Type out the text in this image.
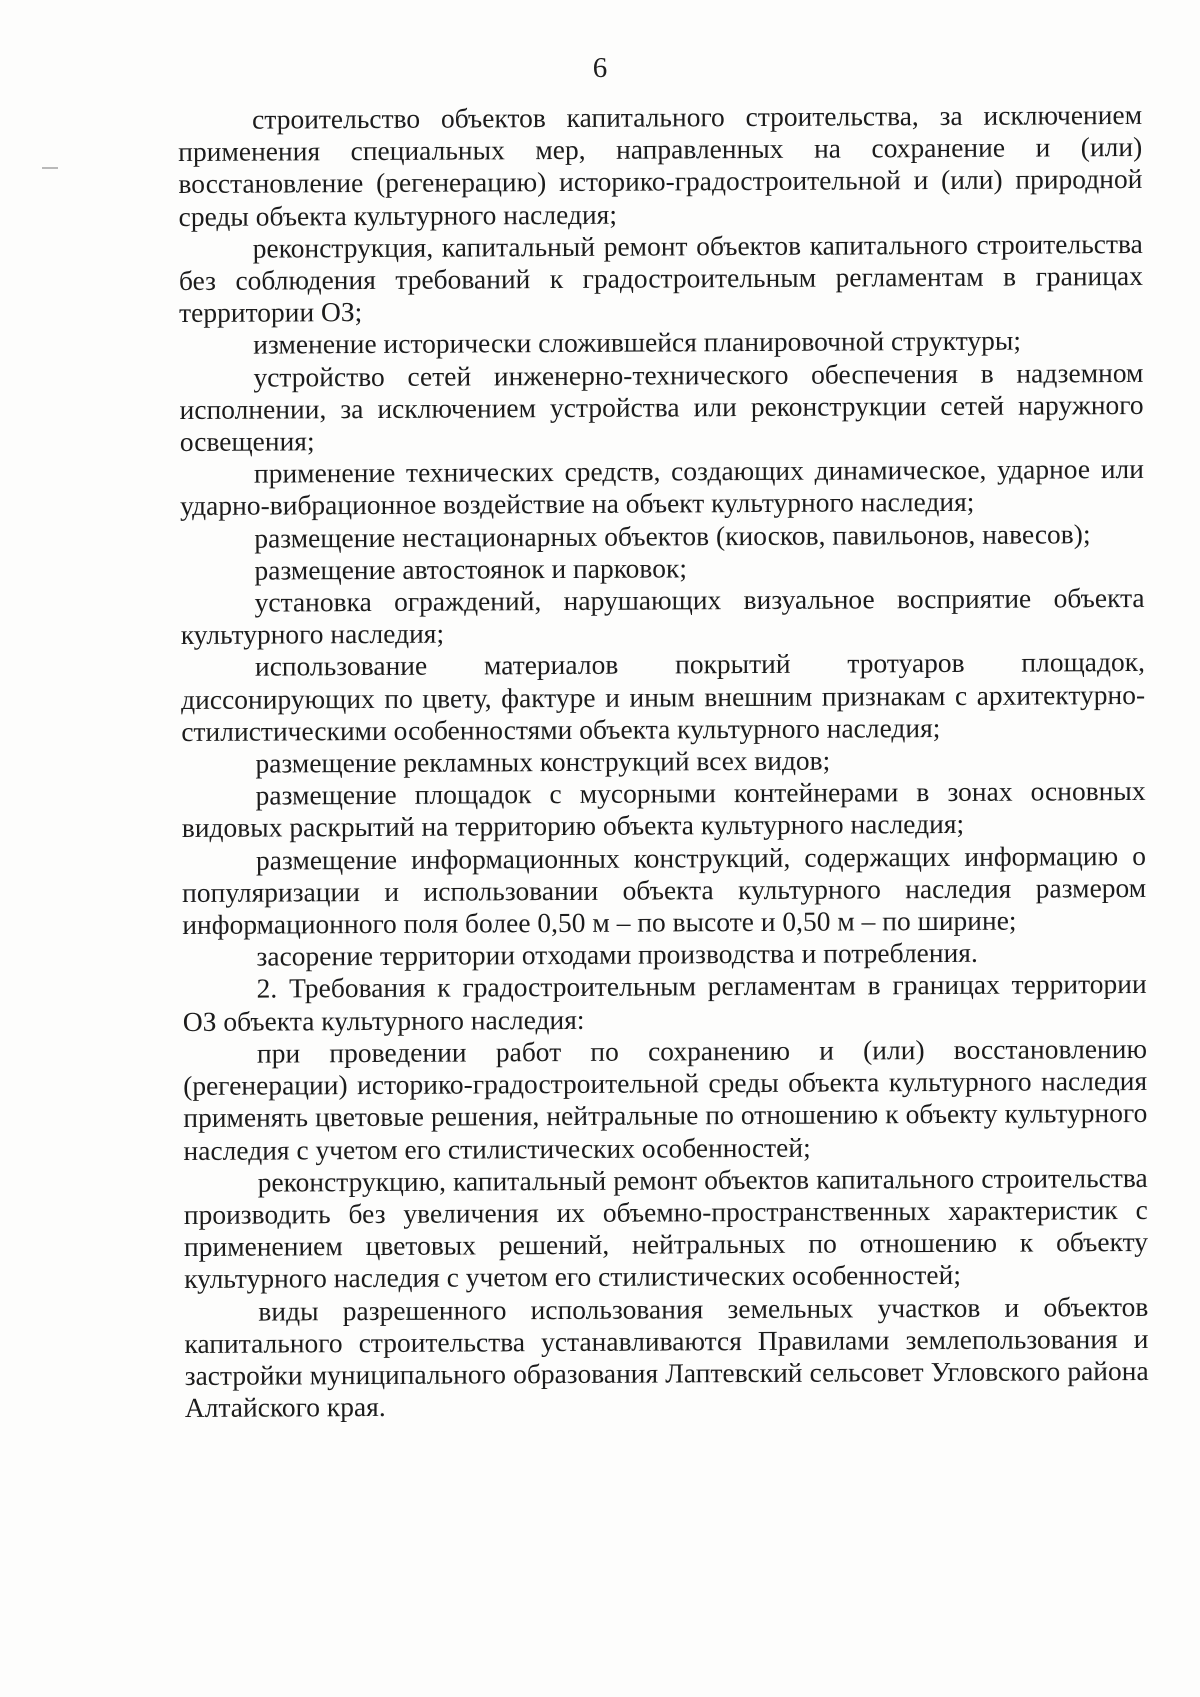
6

строительство объектов капитального строительства, за исключением применения специальных мер, направленных на сохранение и (или) восстановление (регенерацию) историко-градостроительной и (или) природной среды объекта культурного наследия;

реконструкция, капитальный ремонт объектов капитального строительства без соблюдения требований к градостроительным регламентам в границах территории ОЗ;

изменение исторически сложившейся планировочной структуры;

устройство сетей инженерно-технического обеспечения в надземном исполнении, за исключением устройства или реконструкции сетей наружного освещения;

применение технических средств, создающих динамическое, ударное или ударно-вибрационное воздействие на объект культурного наследия;

размещение нестационарных объектов (киосков, павильонов, навесов);

размещение автостоянок и парковок;

установка ограждений, нарушающих визуальное восприятие объекта культурного наследия;

использование материалов покрытий тротуаров площадок, диссонирующих по цвету, фактуре и иным внешним признакам с архитектурно-стилистическими особенностями объекта культурного наследия;

размещение рекламных конструкций всех видов;

размещение площадок с мусорными контейнерами в зонах основных видовых раскрытий на территорию объекта культурного наследия;

размещение информационных конструкций, содержащих информацию о популяризации и использовании объекта культурного наследия размером информационного поля более 0,50 м – по высоте и 0,50 м – по ширине;

засорение территории отходами производства и потребления.

2. Требования к градостроительным регламентам в границах территории ОЗ объекта культурного наследия:

при проведении работ по сохранению и (или) восстановлению (регенерации) историко-градостроительной среды объекта культурного наследия применять цветовые решения, нейтральные по отношению к объекту культурного наследия с учетом его стилистических особенностей;

реконструкцию, капитальный ремонт объектов капитального строительства производить без увеличения их объемно-пространственных характеристик с применением цветовых решений, нейтральных по отношению к объекту культурного наследия с учетом его стилистических особенностей;

виды разрешенного использования земельных участков и объектов капитального строительства устанавливаются Правилами землепользования и застройки муниципального образования Лаптевский сельсовет Угловского района Алтайского края.
